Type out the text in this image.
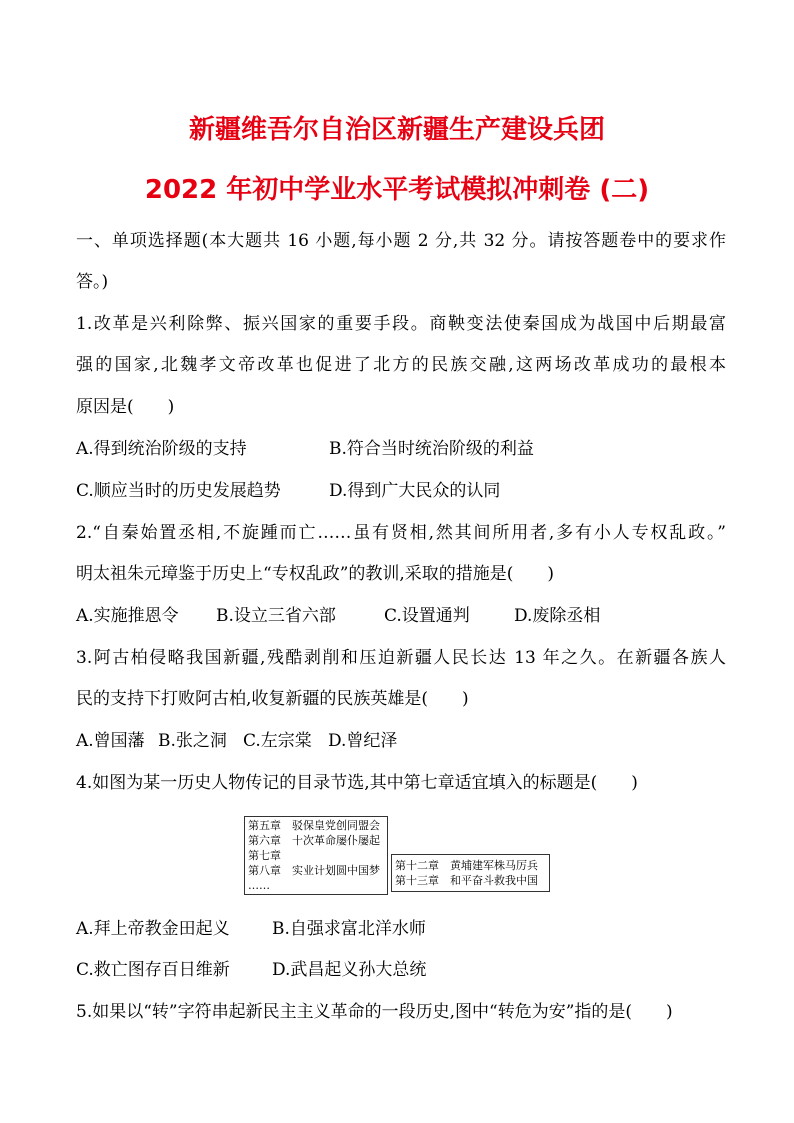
新疆维吾尔自治区新疆生产建设兵团
2022 年初中学业水平考试模拟冲刺卷 (二)
一、单项选择题(本大题共 16 小题,每小题 2 分,共 32 分。请按答题卷中的要求作
答。)
1.改革是兴利除弊、振兴国家的重要手段。商鞅变法使秦国成为战国中后期最富
强的国家,北魏孝文帝改革也促进了北方的民族交融,这两场改革成功的最根本
原因是(　　)
A.得到统治阶级的支持	B.符合当时统治阶级的利益
C.顺应当时的历史发展趋势	D.得到广大民众的认同
2.“自秦始置丞相,不旋踵而亡……虽有贤相,然其间所用者,多有小人专权乱政。”
明太祖朱元璋鉴于历史上“专权乱政”的教训,采取的措施是(　　)
A.实施推恩令 B.设立三省六部	C.设置通判	D.废除丞相
3.阿古柏侵略我国新疆,残酷剥削和压迫新疆人民长达 13 年之久。在新疆各族人
民的支持下打败阿古柏,收复新疆的民族英雄是(　　)
A.曾国藩 B.张之洞 C.左宗棠 D.曾纪泽
4.如图为某一历史人物传记的目录节选,其中第七章适宜填入的标题是(　　)
第五章　驳保皇党创同盟会
第六章　十次革命屡仆屡起
第七章
第八章　实业计划圆中国梦
……
第十二章　黄埔建军株马厉兵
第十三章　和平奋斗救我中国
A.拜上帝教金田起义 B.自强求富北洋水师
C.救亡图存百日维新 D.武昌起义孙大总统
5.如果以“转”字符串起新民主主义革命的一段历史,图中“转危为安”指的是(　　)
